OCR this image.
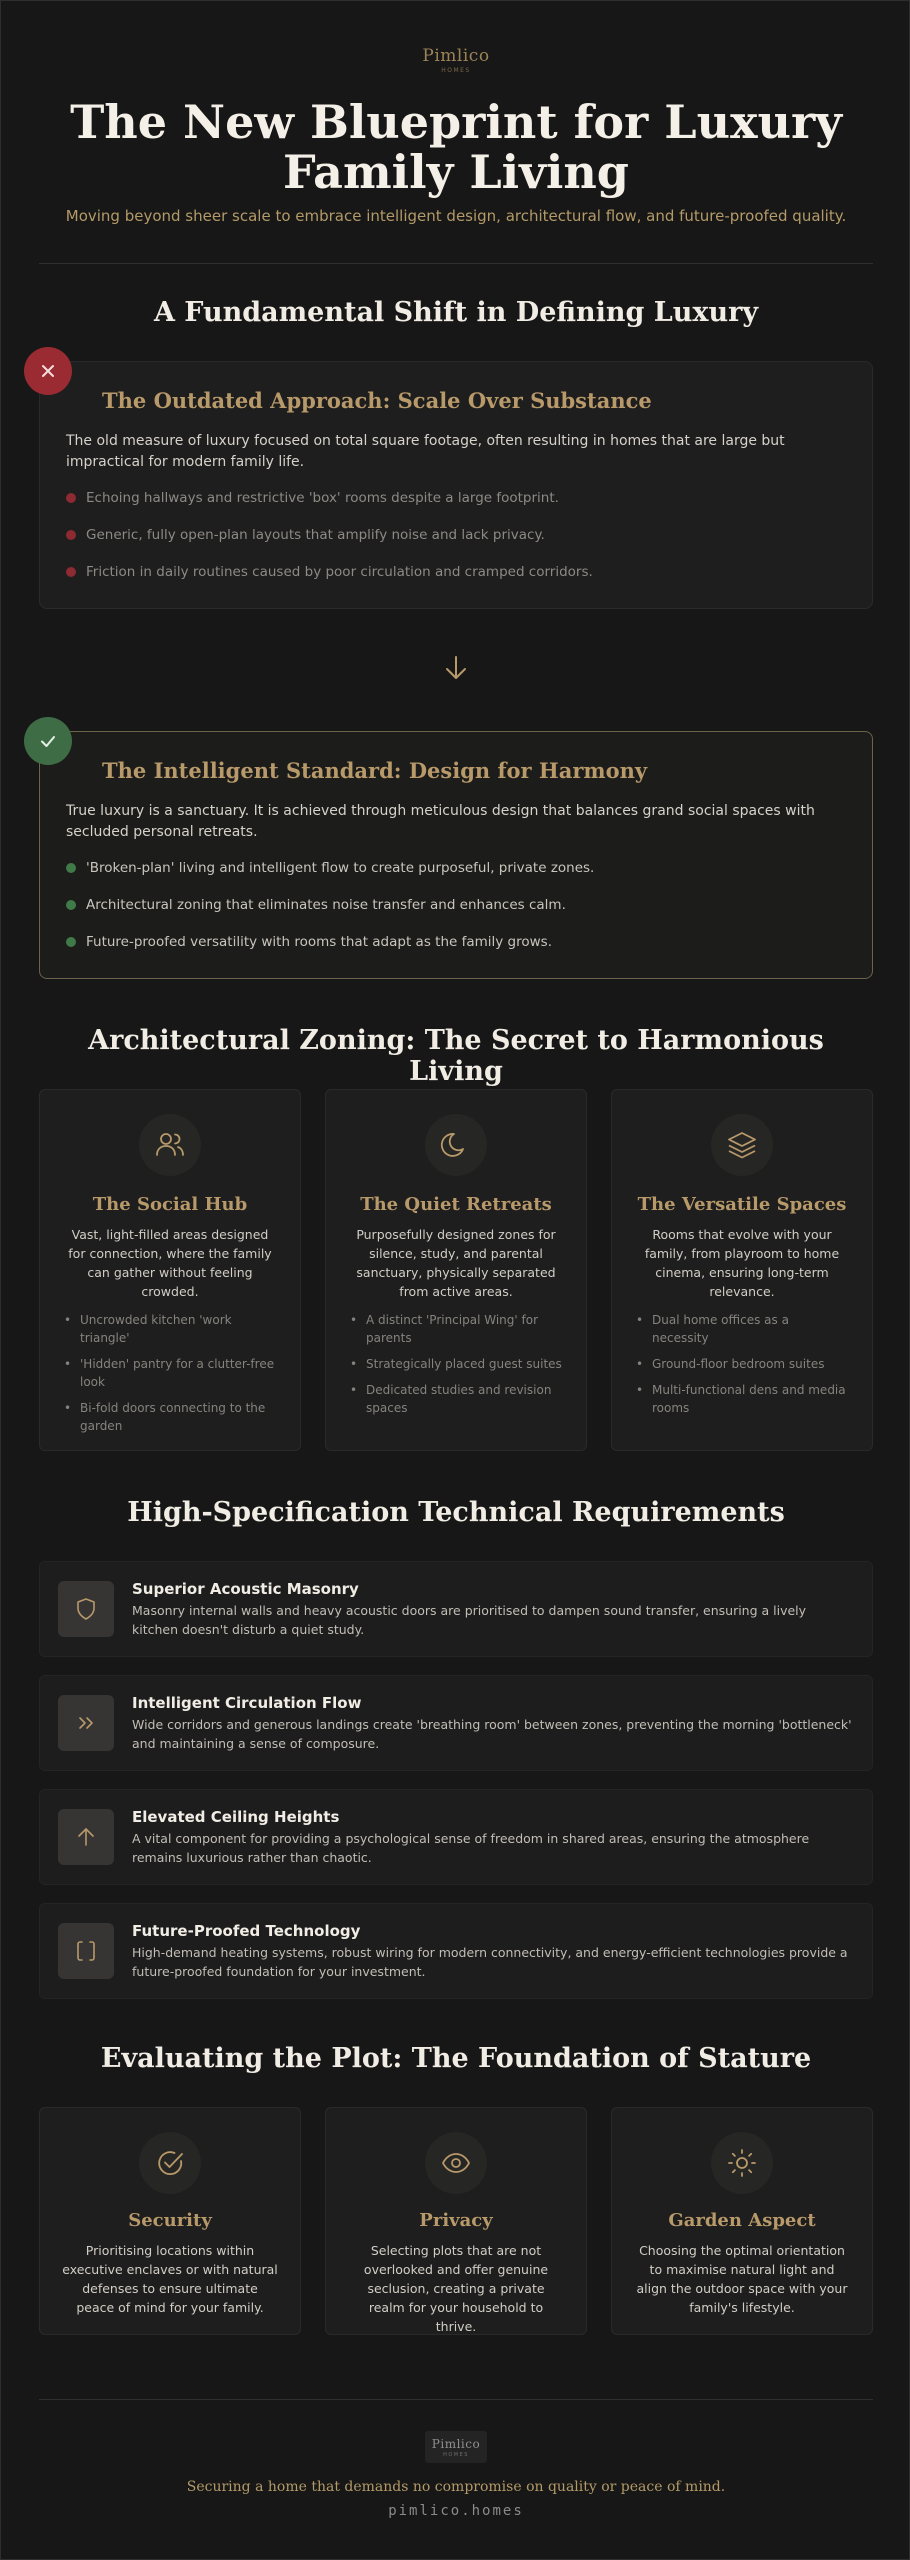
Pimlico
HOMES
The New Blueprint for Luxury Family Living

Moving beyond sheer scale to embrace intelligent design, architectural flow, and future-proofed quality.

A Fundamental Shift in Defining Luxury
The Outdated Approach: Scale Over Substance

The old measure of luxury focused on total square footage, often resulting in homes that are large but impractical for modern family life.

Echoing hallways and restrictive 'box' rooms despite a large footprint.
Generic, fully open-plan layouts that amplify noise and lack privacy.
Friction in daily routines caused by poor circulation and cramped corridors.
The Intelligent Standard: Design for Harmony

True luxury is a sanctuary. It is achieved through meticulous design that balances grand social spaces with secluded personal retreats.

'Broken-plan' living and intelligent flow to create purposeful, private zones.
Architectural zoning that eliminates noise transfer and enhances calm.
Future-proofed versatility with rooms that adapt as the family grows.
Architectural Zoning: The Secret to Harmonious Living
The Social Hub

Vast, light-filled areas designed for connection, where the family can gather without feeling crowded.

• Uncrowded kitchen 'work triangle'
• 'Hidden' pantry for a clutter-free look
• Bi-fold doors connecting to the garden
The Quiet Retreats

Purposefully designed zones for silence, study, and parental sanctuary, physically separated from active areas.

• A distinct 'Principal Wing' for parents
• Strategically placed guest suites
• Dedicated studies and revision spaces
The Versatile Spaces

Rooms that evolve with your family, from playroom to home cinema, ensuring long-term relevance.

• Dual home offices as a necessity
• Ground-floor bedroom suites
• Multi-functional dens and media rooms
High-Specification Technical Requirements
Superior Acoustic Masonry
Masonry internal walls and heavy acoustic doors are prioritised to dampen sound transfer, ensuring a lively kitchen doesn't disturb a quiet study.
Intelligent Circulation Flow
Wide corridors and generous landings create 'breathing room' between zones, preventing the morning 'bottleneck' and maintaining a sense of composure.
Elevated Ceiling Heights
A vital component for providing a psychological sense of freedom in shared areas, ensuring the atmosphere remains luxurious rather than chaotic.
Future-Proofed Technology
High-demand heating systems, robust wiring for modern connectivity, and energy-efficient technologies provide a future-proofed foundation for your investment.
Evaluating the Plot: The Foundation of Stature
Security

Prioritising locations within executive enclaves or with natural defenses to ensure ultimate peace of mind for your family.

Privacy

Selecting plots that are not overlooked and offer genuine seclusion, creating a private realm for your household to thrive.

Garden Aspect

Choosing the optimal orientation to maximise natural light and align the outdoor space with your family's lifestyle.

Pimlico
HOMES

Securing a home that demands no compromise on quality or peace of mind.

pimlico.homes
